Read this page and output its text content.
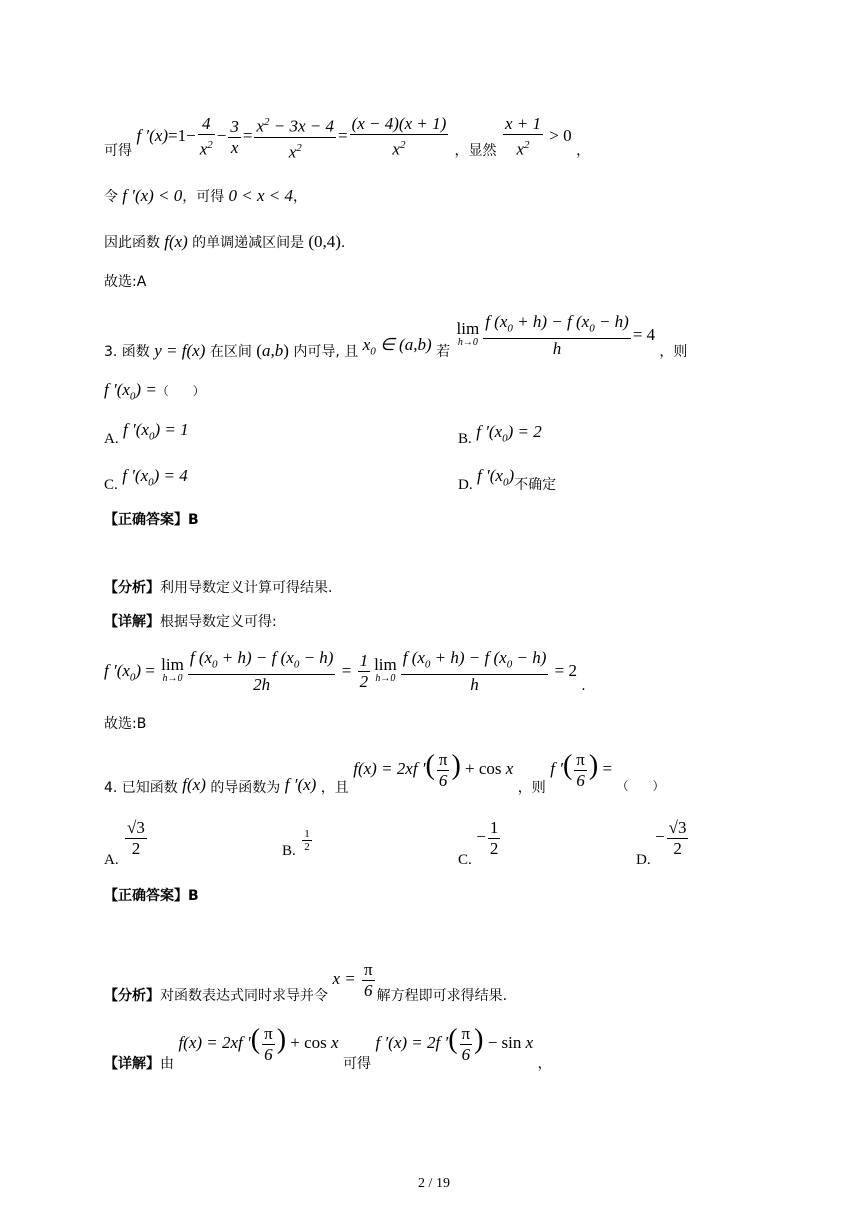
可得 f $'(x)=1- \frac{4}{x^2} - \frac{3}{x} = \frac{x^2 - 3x - 4}{x^2} = \frac{(x - 4)(x + 1)}{x^2}$ ，显然 $\frac{x + 1}{x^2} > 0$ ，
令 f ′(x) < 0，可得 0 < x < 4，
因此函数 f(x) 的单调递减区间是 (0,4).
故选:A
3. 函数 y = f(x) 在区间 (a,b) 内可导, 且 $x_0$ ∈ (a,b) 若
lim
$h\to 0 \frac{f (x_0 + h) - f (x_0 - h)}{h} = 4$ ，则
f $'(x_0)$ =（　　）
A. f $'(x_0) = 1$	B. f $'(x_0) = 2$
C. f $'(x_0) = 4$	D. f $'(x_0)$不确定
【正确答案】B
【分析】利用导数定义计算可得结果.
【详解】根据导数定义可得:
f $'(x_0) = \lim$
$h\to 0 \frac{f (x_0 + h) - f (x_0 - h)}{2h} = \frac{1}{2}$ lim
$h\to 0 \frac{f (x_0 + h) - f (x_0 - h)}{h} = 2$ .
故选:B
4. 已知函数 f(x) 的导函数为 f ′(x) ，且 f(x) = 2xf ′( $\frac{\pi}{6}$ ) + cos x ，则 f ′( $\frac{\pi}{6}$ ) = （　　）
A.
$\frac{√3}{2}$	B. $\frac{1}{2}$
C. − $\frac{1}{2}$
D. − $\frac{√3}{2}$
【正确答案】B
【分析】对函数表达式同时求导并令 $x = \frac{\pi}{6}$ 解方程即可求得结果.
【详解】由 f(x) = 2xf ′( $\frac{\pi}{6}$ ) + cos x 可得 f ′(x) = 2f ′( $\frac{\pi}{6}$ ) − sin x ，
2 / 19
